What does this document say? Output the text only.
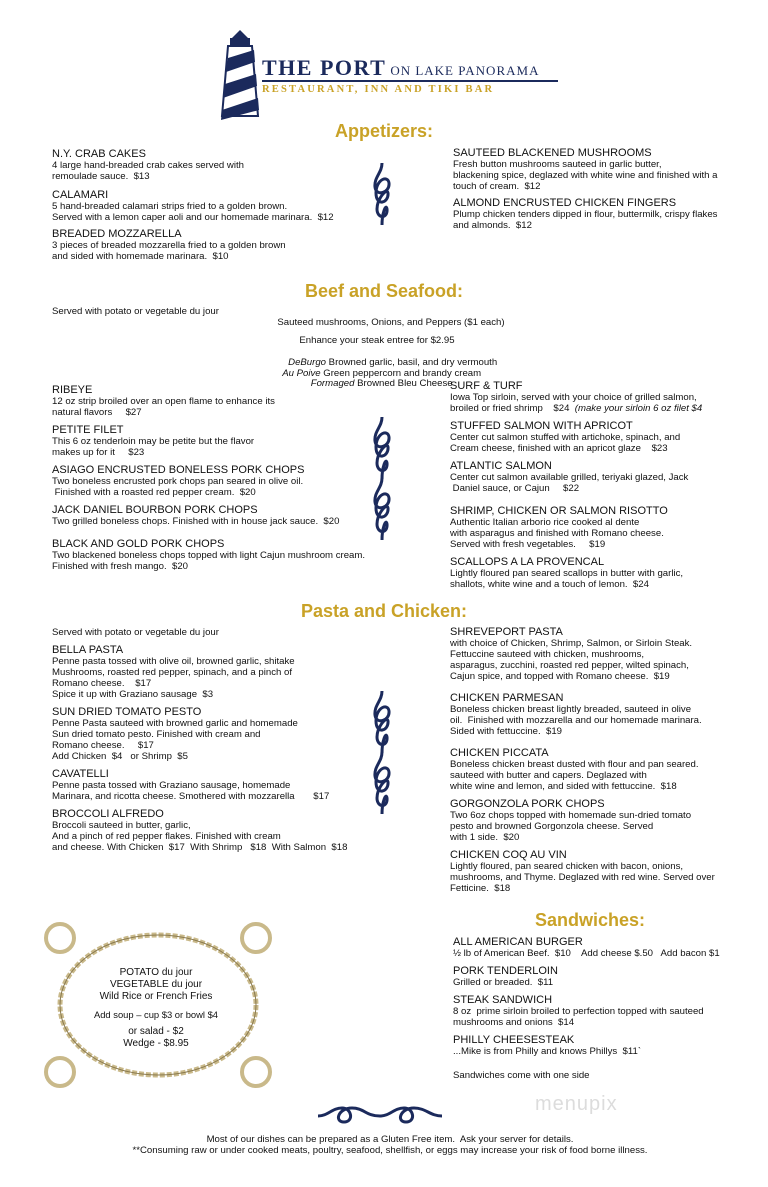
THE PORT ON LAKE PANORAMA
RESTAURANT, INN AND TIKI BAR
Appetizers:
N.Y. CRAB CAKES
4 large hand-breaded crab cakes served with
remoulade sauce.  $13
CALAMARI
5 hand-breaded calamari strips fried to a golden brown.
Served with a lemon caper aoli and our homemade marinara.  $12
BREADED MOZZARELLA
3 pieces of breaded mozzarella fried to a golden brown
and sided with homemade marinara.  $10
SAUTEED BLACKENED MUSHROOMS
Fresh button mushrooms sauteed in garlic butter,
blackening spice, deglazed with white wine and finished with a
touch of cream.  $12
ALMOND ENCRUSTED CHICKEN FINGERS
Plump chicken tenders dipped in flour, buttermilk, crispy flakes
and almonds.  $12
Beef and Seafood:
Served with potato or vegetable du jour
Sauteed mushrooms, Onions, and Peppers ($1 each)
Enhance your steak entree for $2.95

DeBurgo Browned garlic, basil, and dry vermouth

Au Poive Green peppercorn and brandy cream

Formaged Browned Bleu Cheese

RIBEYE
12 oz strip broiled over an open flame to enhance its
natural flavors     $27
PETITE FILET
This 6 oz tenderloin may be petite but the flavor
makes up for it     $23
ASIAGO ENCRUSTED BONELESS PORK CHOPS
Two boneless encrusted pork chops pan seared in olive oil.
Finished with a roasted red pepper cream.  $20
JACK DANIEL BOURBON PORK CHOPS
Two grilled boneless chops. Finished with in house jack sauce.  $20
BLACK AND GOLD PORK CHOPS
Two blackened boneless chops topped with light Cajun mushroom cream.
Finished with fresh mango.  $20
SURF & TURF
Iowa Top sirloin, served with your choice of grilled salmon,
broiled or fried shrimp    $24  (make your sirloin 6 oz filet $4
STUFFED SALMON WITH APRICOT
Center cut salmon stuffed with artichoke, spinach, and
Cream cheese, finished with an apricot glaze    $23
ATLANTIC SALMON
Center cut salmon available grilled, teriyaki glazed, Jack
Daniel sauce, or Cajun     $22
SHRIMP, CHICKEN OR SALMON RISOTTO
Authentic Italian arborio rice cooked al dente
with asparagus and finished with Romano cheese.
Served with fresh vegetables.     $19
SCALLOPS A LA PROVENCAL
Lightly floured pan seared scallops in butter with garlic,
shallots, white wine and a touch of lemon.  $24
Pasta and Chicken:
Served with potato or vegetable du jour
BELLA PASTA
Penne pasta tossed with olive oil, browned garlic, shitake
Mushrooms, roasted red pepper, spinach, and a pinch of
Romano cheese.    $17
Spice it up with Graziano sausage  $3
SUN DRIED TOMATO PESTO
Penne Pasta sauteed with browned garlic and homemade
Sun dried tomato pesto. Finished with cream and
Romano cheese.     $17
Add Chicken  $4   or Shrimp  $5
CAVATELLI
Penne pasta tossed with Graziano sausage, homemade
Marinara, and ricotta cheese. Smothered with mozzarella       $17
BROCCOLI ALFREDO
Broccoli sauteed in butter, garlic,
And a pinch of red pepper flakes. Finished with cream
and cheese. With Chicken  $17  With Shrimp   $18  With Salmon  $18
SHREVEPORT PASTA
with choice of Chicken, Shrimp, Salmon, or Sirloin Steak.
Fettuccine sauteed with chicken, mushrooms,
asparagus, zucchini, roasted red pepper, wilted spinach,
Cajun spice, and topped with Romano cheese.  $19
CHICKEN PARMESAN
Boneless chicken breast lightly breaded, sauteed in olive
oil.  Finished with mozzarella and our homemade marinara.
Sided with fettuccine.  $19
CHICKEN PICCATA
Boneless chicken breast dusted with flour and pan seared.
sauteed with butter and capers. Deglazed with
white wine and lemon, and sided with fettuccine.  $18
GORGONZOLA PORK CHOPS
Two 6oz chops topped with homemade sun-dried tomato
pesto and browned Gorgonzola cheese. Served
with 1 side.  $20
CHICKEN COQ AU VIN
Lightly floured, pan seared chicken with bacon, onions,
mushrooms, and Thyme. Deglazed with red wine. Served over
Fetticine.  $18
POTATO du jour
VEGETABLE du jour
Wild Rice or French Fries
Add soup – cup $3 or bowl $4
or salad - $2
Wedge - $8.95
Sandwiches:
ALL AMERICAN BURGER
½ lb of American Beef.  $10    Add cheese $.50   Add bacon $1
PORK TENDERLOIN
Grilled or breaded.  $11
STEAK SANDWICH
8 oz  prime sirloin broiled to perfection topped with sauteed
mushrooms and onions  $14
PHILLY CHEESESTEAK
...Mike is from Philly and knows Phillys  $11`
Sandwiches come with one side
menupix
Most of our dishes can be prepared as a Gluten Free item.  Ask your server for details.
**Consuming raw or under cooked meats, poultry, seafood, shellfish, or eggs may increase your risk of food borne illness.
